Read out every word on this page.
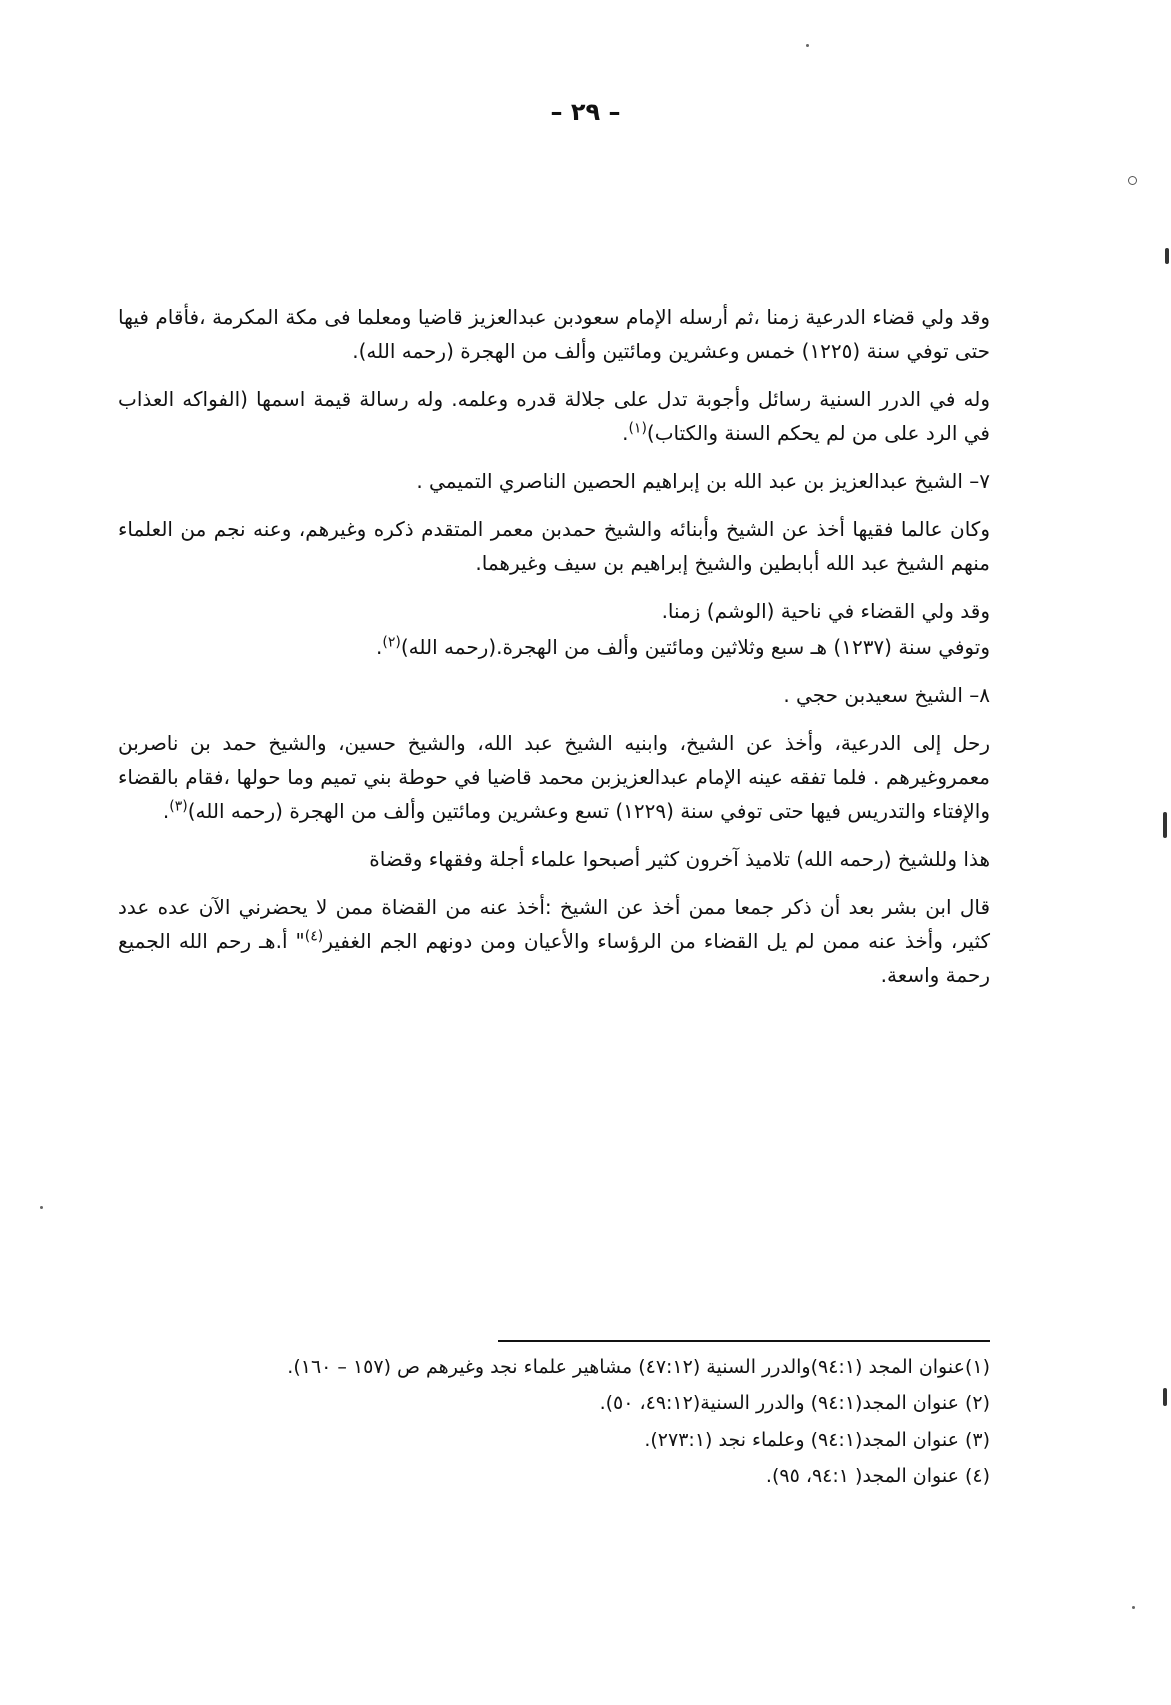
– ٢٩ –

وقد ولي قضاء الدرعية زمنا ،ثم أرسله الإمام سعودبن عبدالعزيز قاضيا ومعلما فى مكة المكرمة ،فأقام فيها حتى توفي سنة (١٢٢٥) خمس وعشرين ومائتين وألف من الهجرة (رحمه الله).

وله في الدرر السنية رسائل وأجوبة تدل على جلالة قدره وعلمه. وله رسالة قيمة اسمها (الفواكه العذاب في الرد على من لم يحكم السنة والكتاب)$^{(١)}$.

٧– الشيخ عبدالعزيز بن عبد الله بن إبراهيم الحصين الناصري التميمي .

وكان عالما فقيها أخذ عن الشيخ وأبنائه والشيخ حمدبن معمر المتقدم ذكره وغيرهم، وعنه نجم من العلماء منهم الشيخ عبد الله أبابطين والشيخ إبراهيم بن سيف وغيرهما.

وقد ولي القضاء في ناحية (الوشم) زمنا.

وتوفي سنة (١٢٣٧) هـ سبع وثلاثين ومائتين وألف من الهجرة.(رحمه الله)$^{(٢)}$.

٨– الشيخ سعيدبن حجي .

رحل إلى الدرعية، وأخذ عن الشيخ، وابنيه الشيخ عبد الله، والشيخ حسين، والشيخ حمد بن ناصربن معمروغيرهم . فلما تفقه عينه الإمام عبدالعزيزبن محمد قاضيا في حوطة بني تميم وما حولها ،فقام بالقضاء والإفتاء والتدريس فيها حتى توفي سنة (١٢٢٩) تسع وعشرين ومائتين وألف من الهجرة (رحمه الله)$^{(٣)}$.

هذا وللشيخ (رحمه الله) تلاميذ آخرون كثير أصبحوا علماء أجلة وفقهاء وقضاة

قال ابن بشر بعد أن ذكر جمعا ممن أخذ عن الشيخ :أخذ عنه من القضاة ممن لا يحضرني الآن عده عدد كثير، وأخذ عنه ممن لم يل القضاء من الرؤساء والأعيان ومن دونهم الجم الغفير$^{(٤)}$" أ.هـ رحم الله الجميع رحمة واسعة.

(١)عنوان المجد (٩٤:١)والدرر السنية (٤٧:١٢) مشاهير علماء نجد وغيرهم ص (١٥٧ – ١٦٠).
(٢) عنوان المجد(٩٤:١) والدرر السنية(٤٩:١٢، ٥٠).
(٣) عنوان المجد(٩٤:١) وعلماء نجد (٢٧٣:١).
(٤) عنوان المجد( ٩٤:١، ٩٥).
